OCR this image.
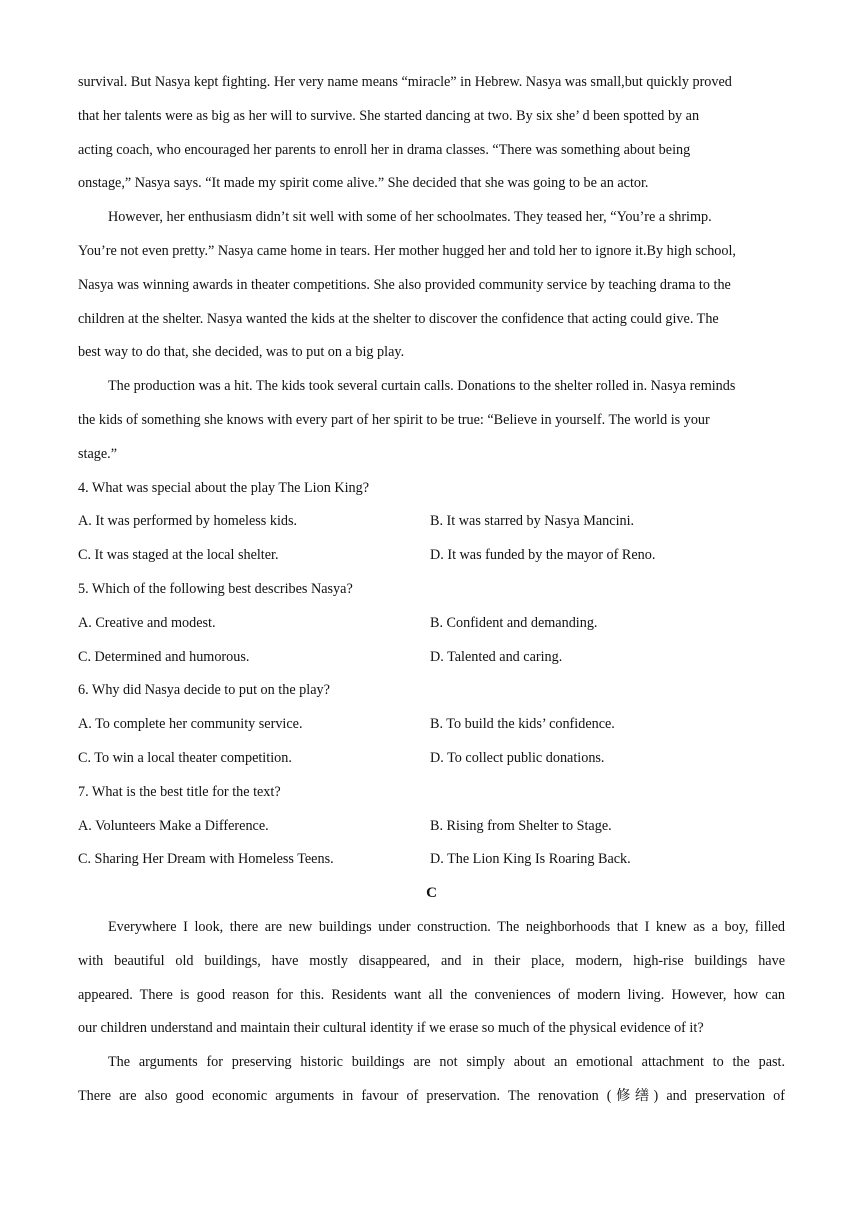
survival. But Nasya kept fighting. Her very name means “miracle” in Hebrew. Nasya was small,but quickly proved
that her talents were as big as her will to survive. She started dancing at two. By six she’ d been spotted by an
acting coach, who encouraged her parents to enroll her in drama classes. “There was something about being
onstage,” Nasya says. “It made my spirit come alive.” She decided that she was going to be an actor.
However, her enthusiasm didn’t sit well with some of her schoolmates. They teased her, “You’re a shrimp.
You’re not even pretty.” Nasya came home in tears. Her mother hugged her and told her to ignore it.By high school,
Nasya was winning awards in theater competitions. She also provided community service by teaching drama to the
children at the shelter. Nasya wanted the kids at the shelter to discover the confidence that acting could give. The
best way to do that, she decided, was to put on a big play.
The production was a hit. The kids took several curtain calls. Donations to the shelter rolled in. Nasya reminds
the kids of something she knows with every part of her spirit to be true: “Believe in yourself. The world is your
stage.”
4. What was special about the play The Lion King?
A. It was performed by homeless kids.	B. It was starred by Nasya Mancini.
C. It was staged at the local shelter.	D. It was funded by the mayor of Reno.
5. Which of the following best describes Nasya?
A. Creative and modest.	B. Confident and demanding.
C. Determined and humorous.	D. Talented and caring.
6. Why did Nasya decide to put on the play?
A. To complete her community service.	B. To build the kids’ confidence.
C. To win a local theater competition.	D. To collect public donations.
7. What is the best title for the text?
A. Volunteers Make a Difference.	B. Rising from Shelter to Stage.
C. Sharing Her Dream with Homeless Teens.	D. The Lion King Is Roaring Back.
C
Everywhere I look, there are new buildings under construction. The neighborhoods that I knew as a boy, filled
with beautiful old buildings, have mostly disappeared, and in their place, modern, high-rise buildings have
appeared. There is good reason for this. Residents want all the conveniences of modern living. However, how can
our children understand and maintain their cultural identity if we erase so much of the physical evidence of it?
The arguments for preserving historic buildings are not simply about an emotional attachment to the past.
There are also good economic arguments in favour of preservation. The renovation (修缮) and preservation of
